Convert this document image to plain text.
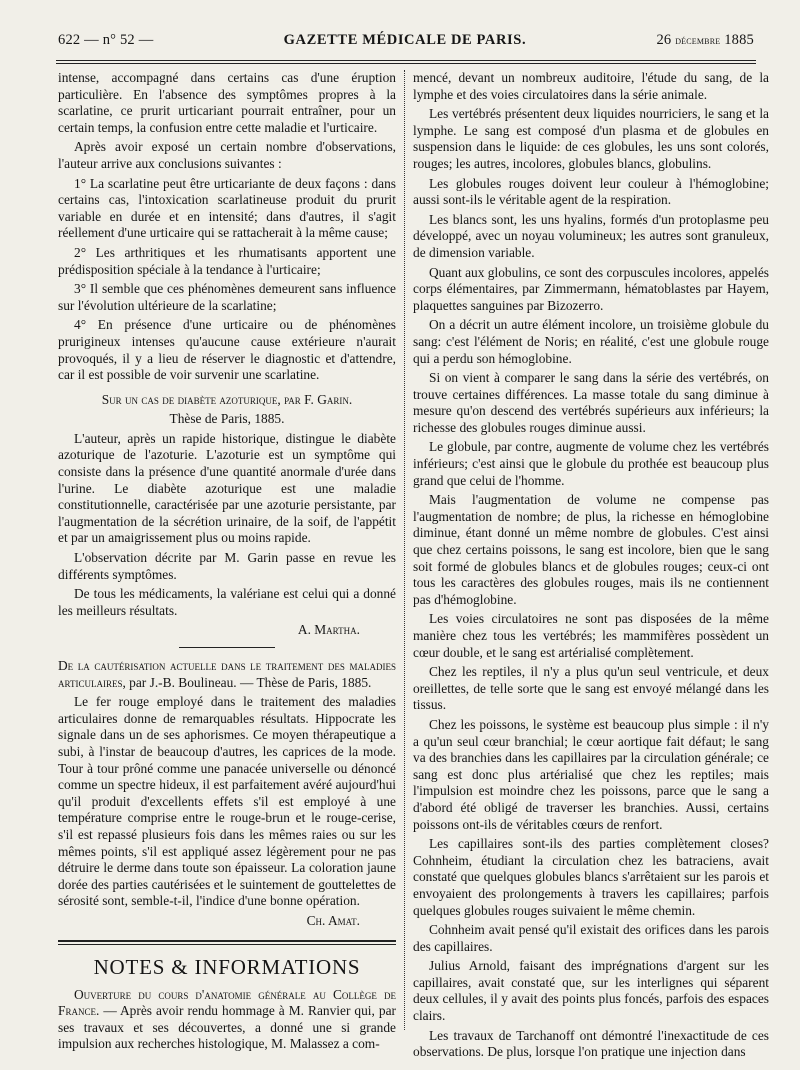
622 — n° 52 —	GAZETTE MÉDICALE DE PARIS.	26 décembre 1885

intense, accompagné dans certains cas d'une éruption particulière. En l'absence des symptômes propres à la scarlatine, ce prurit urticariant pourrait entraîner, pour un certain temps, la confusion entre cette maladie et l'urticaire.

Après avoir exposé un certain nombre d'observations, l'auteur arrive aux conclusions suivantes :

1° La scarlatine peut être urticariante de deux façons : dans certains cas, l'intoxication scarlatineuse produit du prurit variable en durée et en intensité; dans d'autres, il s'agit réellement d'une urticaire qui se rattacherait à la même cause;

2° Les arthritiques et les rhumatisants apportent une prédisposition spéciale à la tendance à l'urticaire;

3° Il semble que ces phénomènes demeurent sans influence sur l'évolution ultérieure de la scarlatine;

4° En présence d'une urticaire ou de phénomènes prurigineux intenses qu'aucune cause extérieure n'aurait provoqués, il y a lieu de réserver le diagnostic et d'attendre, car il est possible de voir survenir une scarlatine.

Sur un cas de diabète azoturique, par F. Garin.

Thèse de Paris, 1885.

L'auteur, après un rapide historique, distingue le diabète azoturique de l'azoturie. L'azoturie est un symptôme qui consiste dans la présence d'une quantité anormale d'urée dans l'urine. Le diabète azoturique est une maladie constitutionnelle, caractérisée par une azoturie persistante, par l'augmentation de la sécrétion urinaire, de la soif, de l'appétit et par un amaigrissement plus ou moins rapide.

L'observation décrite par M. Garin passe en revue les différents symptômes.

De tous les médicaments, la valériane est celui qui a donné les meilleurs résultats.

A. Martha.

De la cautérisation actuelle dans le traitement des maladies articulaires, par J.-B. Boulineau. — Thèse de Paris, 1885.

Le fer rouge employé dans le traitement des maladies articulaires donne de remarquables résultats. Hippocrate les signale dans un de ses aphorismes. Ce moyen thérapeutique a subi, à l'instar de beaucoup d'autres, les caprices de la mode. Tour à tour prôné comme une panacée universelle ou dénoncé comme un spectre hideux, il est parfaitement avéré aujourd'hui qu'il produit d'excellents effets s'il est employé à une température comprise entre le rouge-brun et le rouge-cerise, s'il est repassé plusieurs fois dans les mêmes raies ou sur les mêmes points, s'il est appliqué assez légèrement pour ne pas détruire le derme dans toute son épaisseur. La coloration jaune dorée des parties cautérisées et le suintement de gouttelettes de sérosité sont, semble-t-il, l'indice d'une bonne opération.

Ch. Amat.

NOTES & INFORMATIONS

Ouverture du cours d'anatomie générale au Collège de France. — Après avoir rendu hommage à M. Ranvier qui, par ses travaux et ses découvertes, a donné une si grande impulsion aux recherches histologique, M. Malassez a com-

mencé, devant un nombreux auditoire, l'étude du sang, de la lymphe et des voies circulatoires dans la série animale.

Les vertébrés présentent deux liquides nourriciers, le sang et la lymphe. Le sang est composé d'un plasma et de globules en suspension dans le liquide: de ces globules, les uns sont colorés, rouges; les autres, incolores, globules blancs, globulins.

Les globules rouges doivent leur couleur à l'hémoglobine; aussi sont-ils le véritable agent de la respiration.

Les blancs sont, les uns hyalins, formés d'un protoplasme peu développé, avec un noyau volumineux; les autres sont granuleux, de dimension variable.

Quant aux globulins, ce sont des corpuscules incolores, appelés corps élémentaires, par Zimmermann, hématoblastes par Hayem, plaquettes sanguines par Bizozerro.

On a décrit un autre élément incolore, un troisième globule du sang: c'est l'élément de Noris; en réalité, c'est une globule rouge qui a perdu son hémoglobine.

Si on vient à comparer le sang dans la série des vertébrés, on trouve certaines différences. La masse totale du sang diminue à mesure qu'on descend des vertébrés supérieurs aux inférieurs; la richesse des globules rouges diminue aussi.

Le globule, par contre, augmente de volume chez les vertébrés inférieurs; c'est ainsi que le globule du prothée est beaucoup plus grand que celui de l'homme.

Mais l'augmentation de volume ne compense pas l'augmentation de nombre; de plus, la richesse en hémoglobine diminue, étant donné un même nombre de globules. C'est ainsi que chez certains poissons, le sang est incolore, bien que le sang soit formé de globules blancs et de globules rouges; ceux-ci ont tous les caractères des globules rouges, mais ils ne contiennent pas d'hémoglobine.

Les voies circulatoires ne sont pas disposées de la même manière chez tous les vertébrés; les mammifères possèdent un cœur double, et le sang est artérialisé complètement.

Chez les reptiles, il n'y a plus qu'un seul ventricule, et deux oreillettes, de telle sorte que le sang est envoyé mélangé dans les tissus.

Chez les poissons, le système est beaucoup plus simple : il n'y a qu'un seul cœur branchial; le cœur aortique fait défaut; le sang va des branchies dans les capillaires par la circulation générale; ce sang est donc plus artérialisé que chez les reptiles; mais l'impulsion est moindre chez les poissons, parce que le sang a d'abord été obligé de traverser les branchies. Aussi, certains poissons ont-ils de véritables cœurs de renfort.

Les capillaires sont-ils des parties complètement closes? Cohnheim, étudiant la circulation chez les batraciens, avait constaté que quelques globules blancs s'arrêtaient sur les parois et envoyaient des prolongements à travers les capillaires; parfois quelques globules rouges suivaient le même chemin.

Cohnheim avait pensé qu'il existait des orifices dans les parois des capillaires.

Julius Arnold, faisant des imprégnations d'argent sur les capillaires, avait constaté que, sur les interlignes qui séparent deux cellules, il y avait des points plus foncés, parfois des espaces clairs.

Les travaux de Tarchanoff ont démontré l'inexactitude de ces observations. De plus, lorsque l'on pratique une injection dans
